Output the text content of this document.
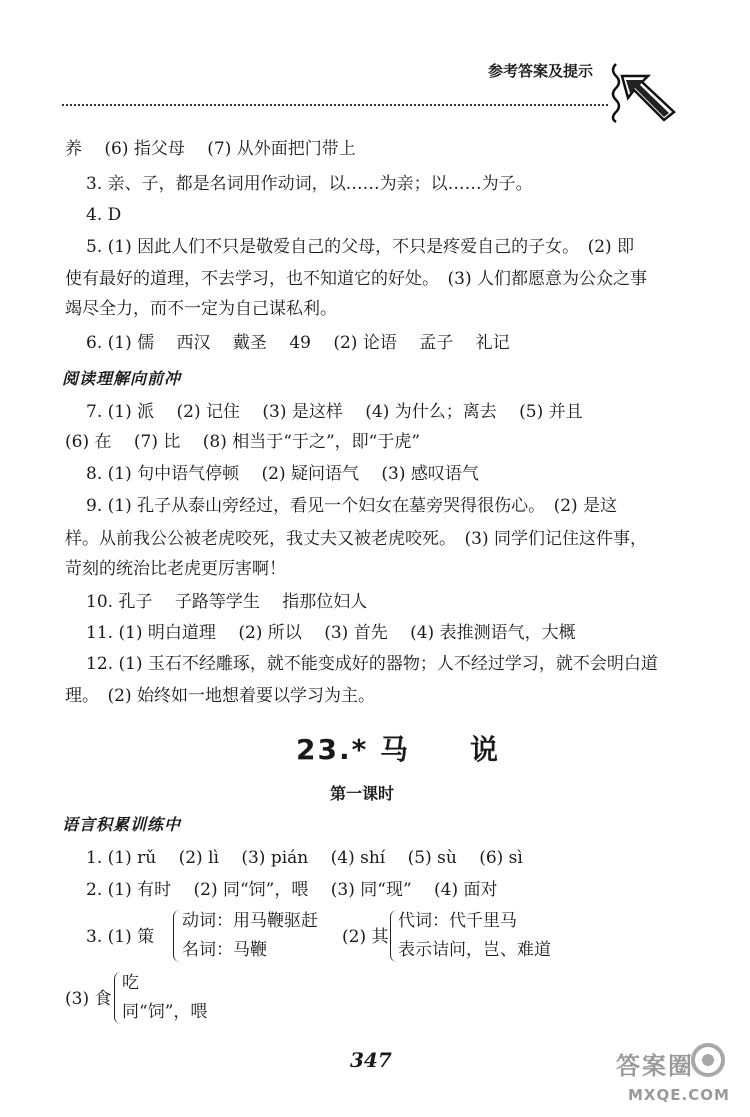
参考答案及提示
养　 (6) 指父母　 (7) 从外面把门带上
3. 亲、子，都是名词用作动词，以……为亲；以……为子。
4. D
5. (1) 因此人们不只是敬爱自己的父母，不只是疼爱自己的子女。　(2) 即
使有最好的道理，不去学习，也不知道它的好处。　(3) 人们都愿意为公众之事
竭尽全力，而不一定为自己谋私利。
6. (1) 儒　 西汉　 戴圣　 49　 (2) 论语　 孟子　 礼记
阅读理解向前冲
7. (1) 派　 (2) 记住　 (3) 是这样　 (4) 为什么；离去　 (5) 并且
(6) 在　 (7) 比　 (8) 相当于“于之”，即“于虎”
8. (1) 句中语气停顿　 (2) 疑问语气　 (3) 感叹语气
9. (1) 孔子从泰山旁经过，看见一个妇女在墓旁哭得很伤心。　(2) 是这
样。从前我公公被老虎咬死，我丈夫又被老虎咬死。　(3) 同学们记住这件事，
苛刻的统治比老虎更厉害啊！
10. 孔子　 子路等学生　 指那位妇人
11. (1) 明白道理　 (2) 所以　 (3) 首先　 (4) 表推测语气，大概
12. (1) 玉石不经雕琢，就不能变成好的器物；人不经过学习，就不会明白道
理。　(2) 始终如一地想着要以学习为主。
23.* 马　　说
第一课时
语言积累训练中
1. (1) rǔ　 (2) lì　 (3) pián　 (4) shí　 (5) sù　 (6) sì
2. (1) 有时　 (2) 同“饲”，喂　 (3) 同“现”　 (4) 面对
3. (1) 策
动词：用马鞭驱赶
名词：马鞭
(2) 其
代词：代千里马
表示诘问，岂、难道
(3) 食
吃
同“饲”，喂
347	答案圈
MXQE.COM
